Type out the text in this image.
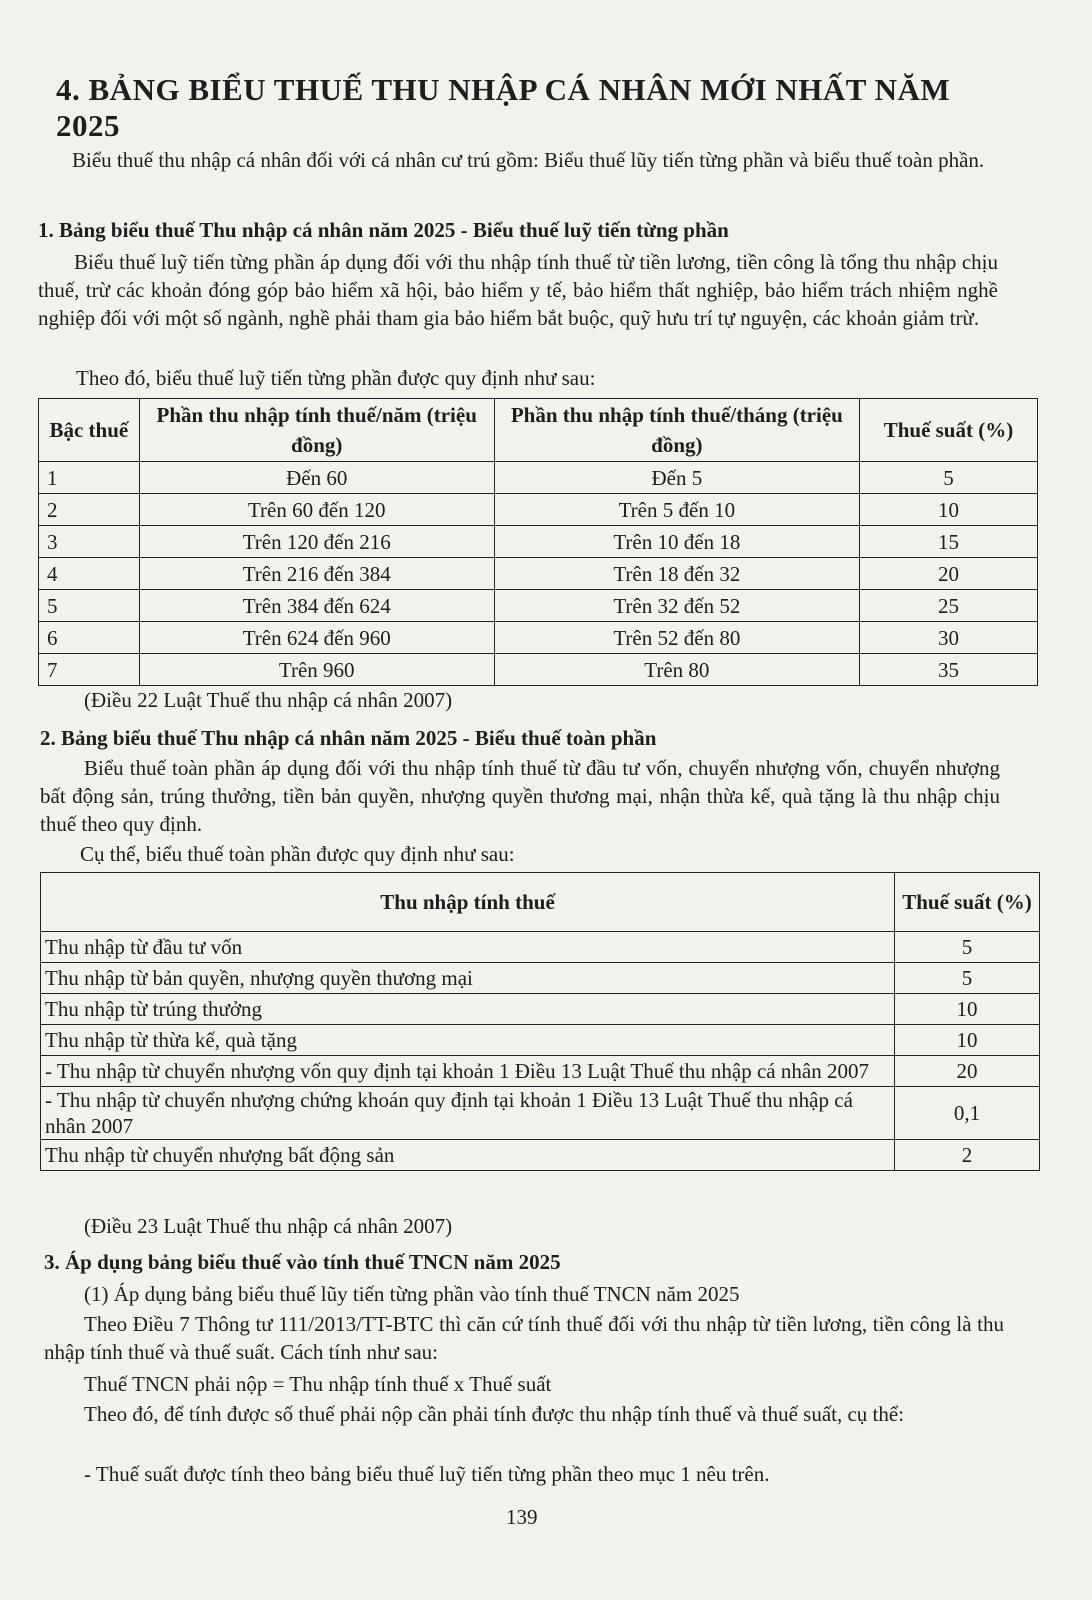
4. BẢNG BIỂU THUẾ THU NHẬP CÁ NHÂN MỚI NHẤT NĂM 2025

Biểu thuế thu nhập cá nhân đối với cá nhân cư trú gồm: Biểu thuế lũy tiến từng phần và biểu thuế toàn phần.

1. Bảng biểu thuế Thu nhập cá nhân năm 2025 - Biểu thuế luỹ tiến từng phần

Biểu thuế luỹ tiến từng phần áp dụng đối với thu nhập tính thuế từ tiền lương, tiền công là tổng thu nhập chịu thuế, trừ các khoản đóng góp bảo hiểm xã hội, bảo hiểm y tế, bảo hiểm thất nghiệp, bảo hiểm trách nhiệm nghề nghiệp đối với một số ngành, nghề phải tham gia bảo hiểm bắt buộc, quỹ hưu trí tự nguyện, các khoản giảm trừ.

Theo đó, biểu thuế luỹ tiến từng phần được quy định như sau:

Bậc thuế	Phần thu nhập tính thuế/năm (triệu đồng)	Phần thu nhập tính thuế/tháng (triệu đồng)	Thuế suất (%)
1	Đến 60	Đến 5	5
2	Trên 60 đến 120	Trên 5 đến 10	10
3	Trên 120 đến 216	Trên 10 đến 18	15
4	Trên 216 đến 384	Trên 18 đến 32	20
5	Trên 384 đến 624	Trên 32 đến 52	25
6	Trên 624 đến 960	Trên 52 đến 80	30
7	Trên 960	Trên 80	35

(Điều 22 Luật Thuế thu nhập cá nhân 2007)

2. Bảng biểu thuế Thu nhập cá nhân năm 2025 - Biểu thuế toàn phần

Biểu thuế toàn phần áp dụng đối với thu nhập tính thuế từ đầu tư vốn, chuyển nhượng vốn, chuyển nhượng bất động sản, trúng thưởng, tiền bản quyền, nhượng quyền thương mại, nhận thừa kế, quà tặng là thu nhập chịu thuế theo quy định.

Cụ thể, biểu thuế toàn phần được quy định như sau:

Thu nhập tính thuế	Thuế suất (%)
Thu nhập từ đầu tư vốn	5
Thu nhập từ bản quyền, nhượng quyền thương mại	5
Thu nhập từ trúng thưởng	10
Thu nhập từ thừa kế, quà tặng	10
- Thu nhập từ chuyển nhượng vốn quy định tại khoản 1 Điều 13 Luật Thuế thu nhập cá nhân 2007	20
- Thu nhập từ chuyển nhượng chứng khoán quy định tại khoản 1 Điều 13 Luật Thuế thu nhập cá nhân 2007	0,1
Thu nhập từ chuyển nhượng bất động sản	2

(Điều 23 Luật Thuế thu nhập cá nhân 2007)

3. Áp dụng bảng biểu thuế vào tính thuế TNCN năm 2025

(1) Áp dụng bảng biểu thuế lũy tiến từng phần vào tính thuế TNCN năm 2025

Theo Điều 7 Thông tư 111/2013/TT-BTC thì căn cứ tính thuế đối với thu nhập từ tiền lương, tiền công là thu nhập tính thuế và thuế suất. Cách tính như sau:

Thuế TNCN phải nộp = Thu nhập tính thuế x Thuế suất

Theo đó, để tính được số thuế phải nộp cần phải tính được thu nhập tính thuế và thuế suất, cụ thể:

- Thuế suất được tính theo bảng biểu thuế luỹ tiến từng phần theo mục 1 nêu trên.

139
